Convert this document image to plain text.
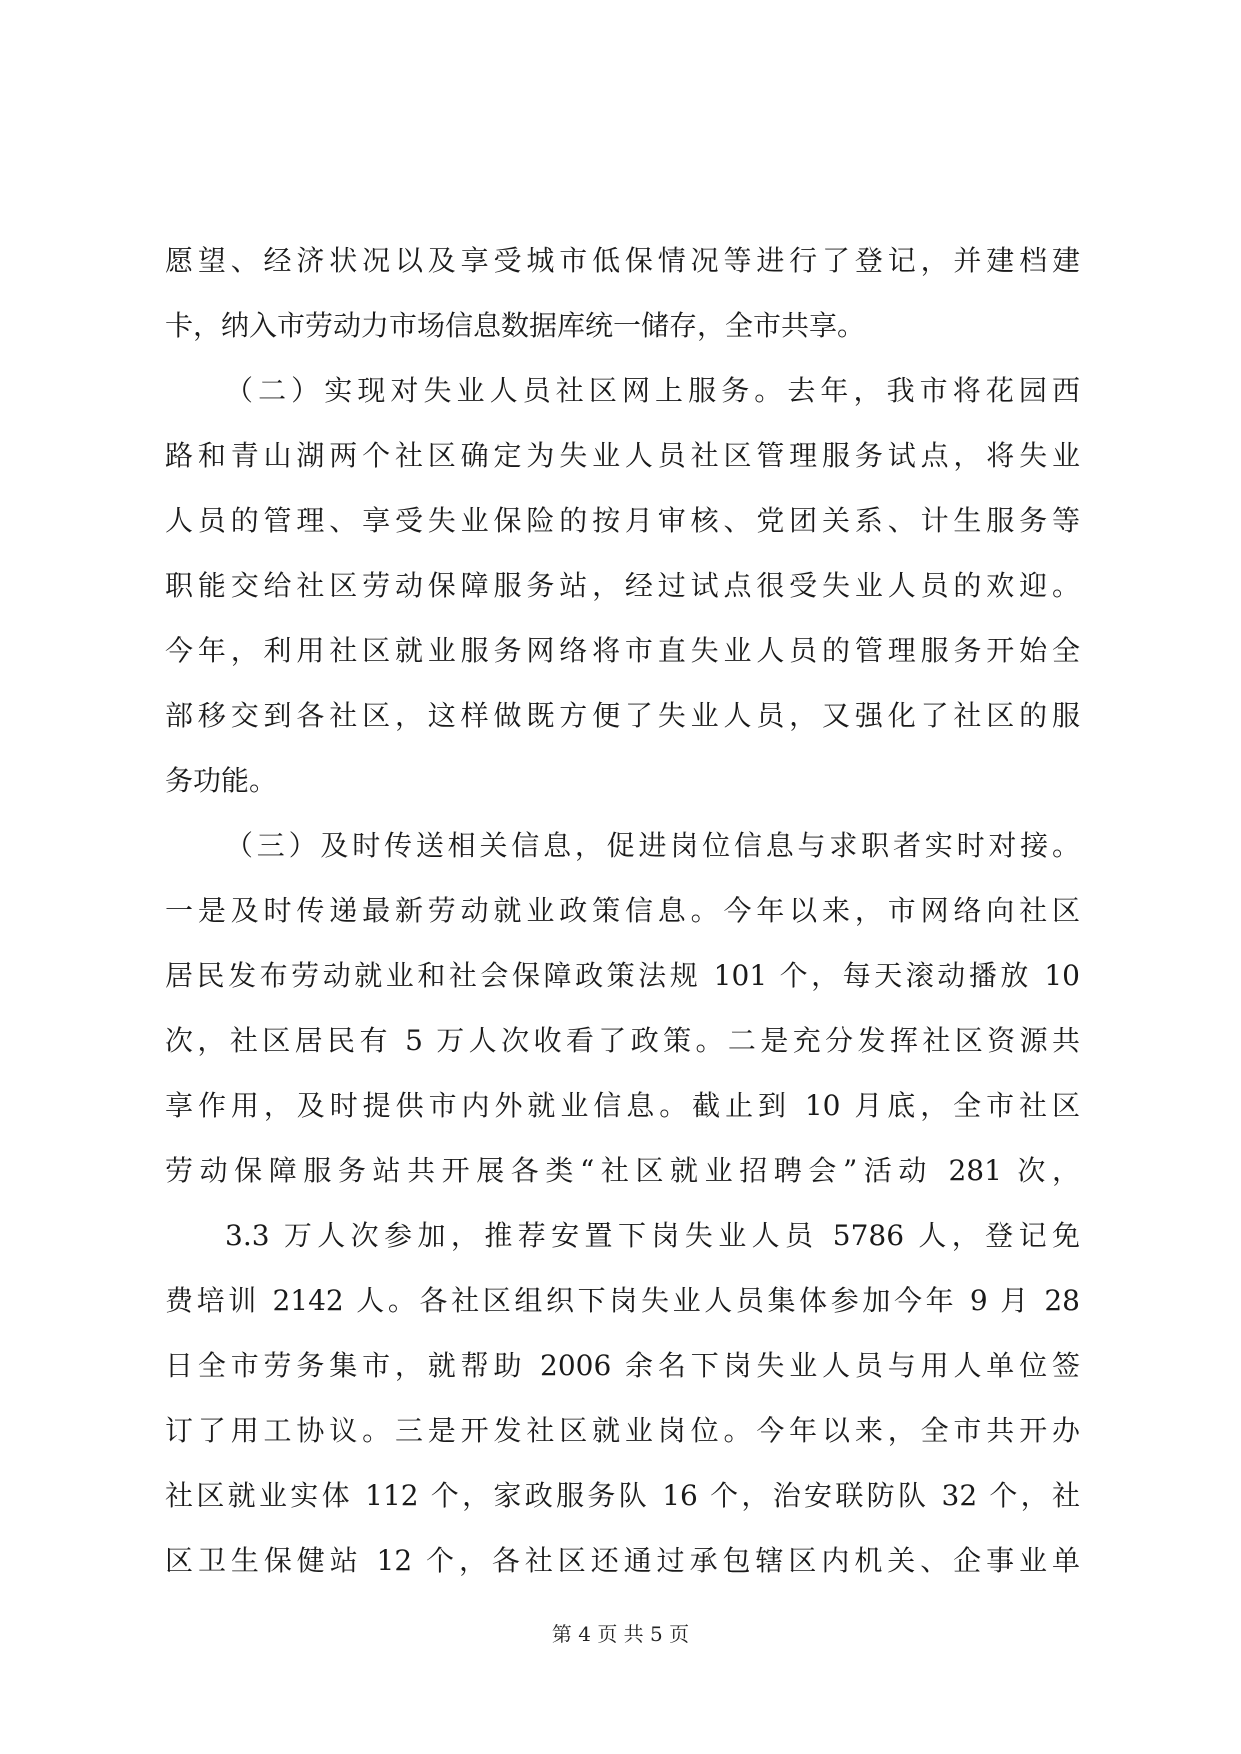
愿望、经济状况以及享受城市低保情况等进行了登记，并建档建
卡，纳入市劳动力市场信息数据库统一储存，全市共享。
（二）实现对失业人员社区网上服务。去年，我市将花园西
路和青山湖两个社区确定为失业人员社区管理服务试点，将失业
人员的管理、享受失业保险的按月审核、党团关系、计生服务等
职能交给社区劳动保障服务站，经过试点很受失业人员的欢迎。
今年，利用社区就业服务网络将市直失业人员的管理服务开始全
部移交到各社区，这样做既方便了失业人员，又强化了社区的服
务功能。
（三）及时传送相关信息，促进岗位信息与求职者实时对接。
一是及时传递最新劳动就业政策信息。今年以来，市网络向社区
居民发布劳动就业和社会保障政策法规 101 个，每天滚动播放 10
次，社区居民有 5 万人次收看了政策。二是充分发挥社区资源共
享作用，及时提供市内外就业信息。截止到 10 月底，全市社区
劳动保障服务站共开展各类“社区就业招聘会”活动 281 次，
3.3 万人次参加，推荐安置下岗失业人员 5786 人，登记免
费培训 2142 人。各社区组织下岗失业人员集体参加今年 9 月 28
日全市劳务集市，就帮助 2006 余名下岗失业人员与用人单位签
订了用工协议。三是开发社区就业岗位。今年以来，全市共开办
社区就业实体 112 个，家政服务队 16 个，治安联防队 32 个，社
区卫生保健站 12 个，各社区还通过承包辖区内机关、企事业单
第 4 页 共 5 页
